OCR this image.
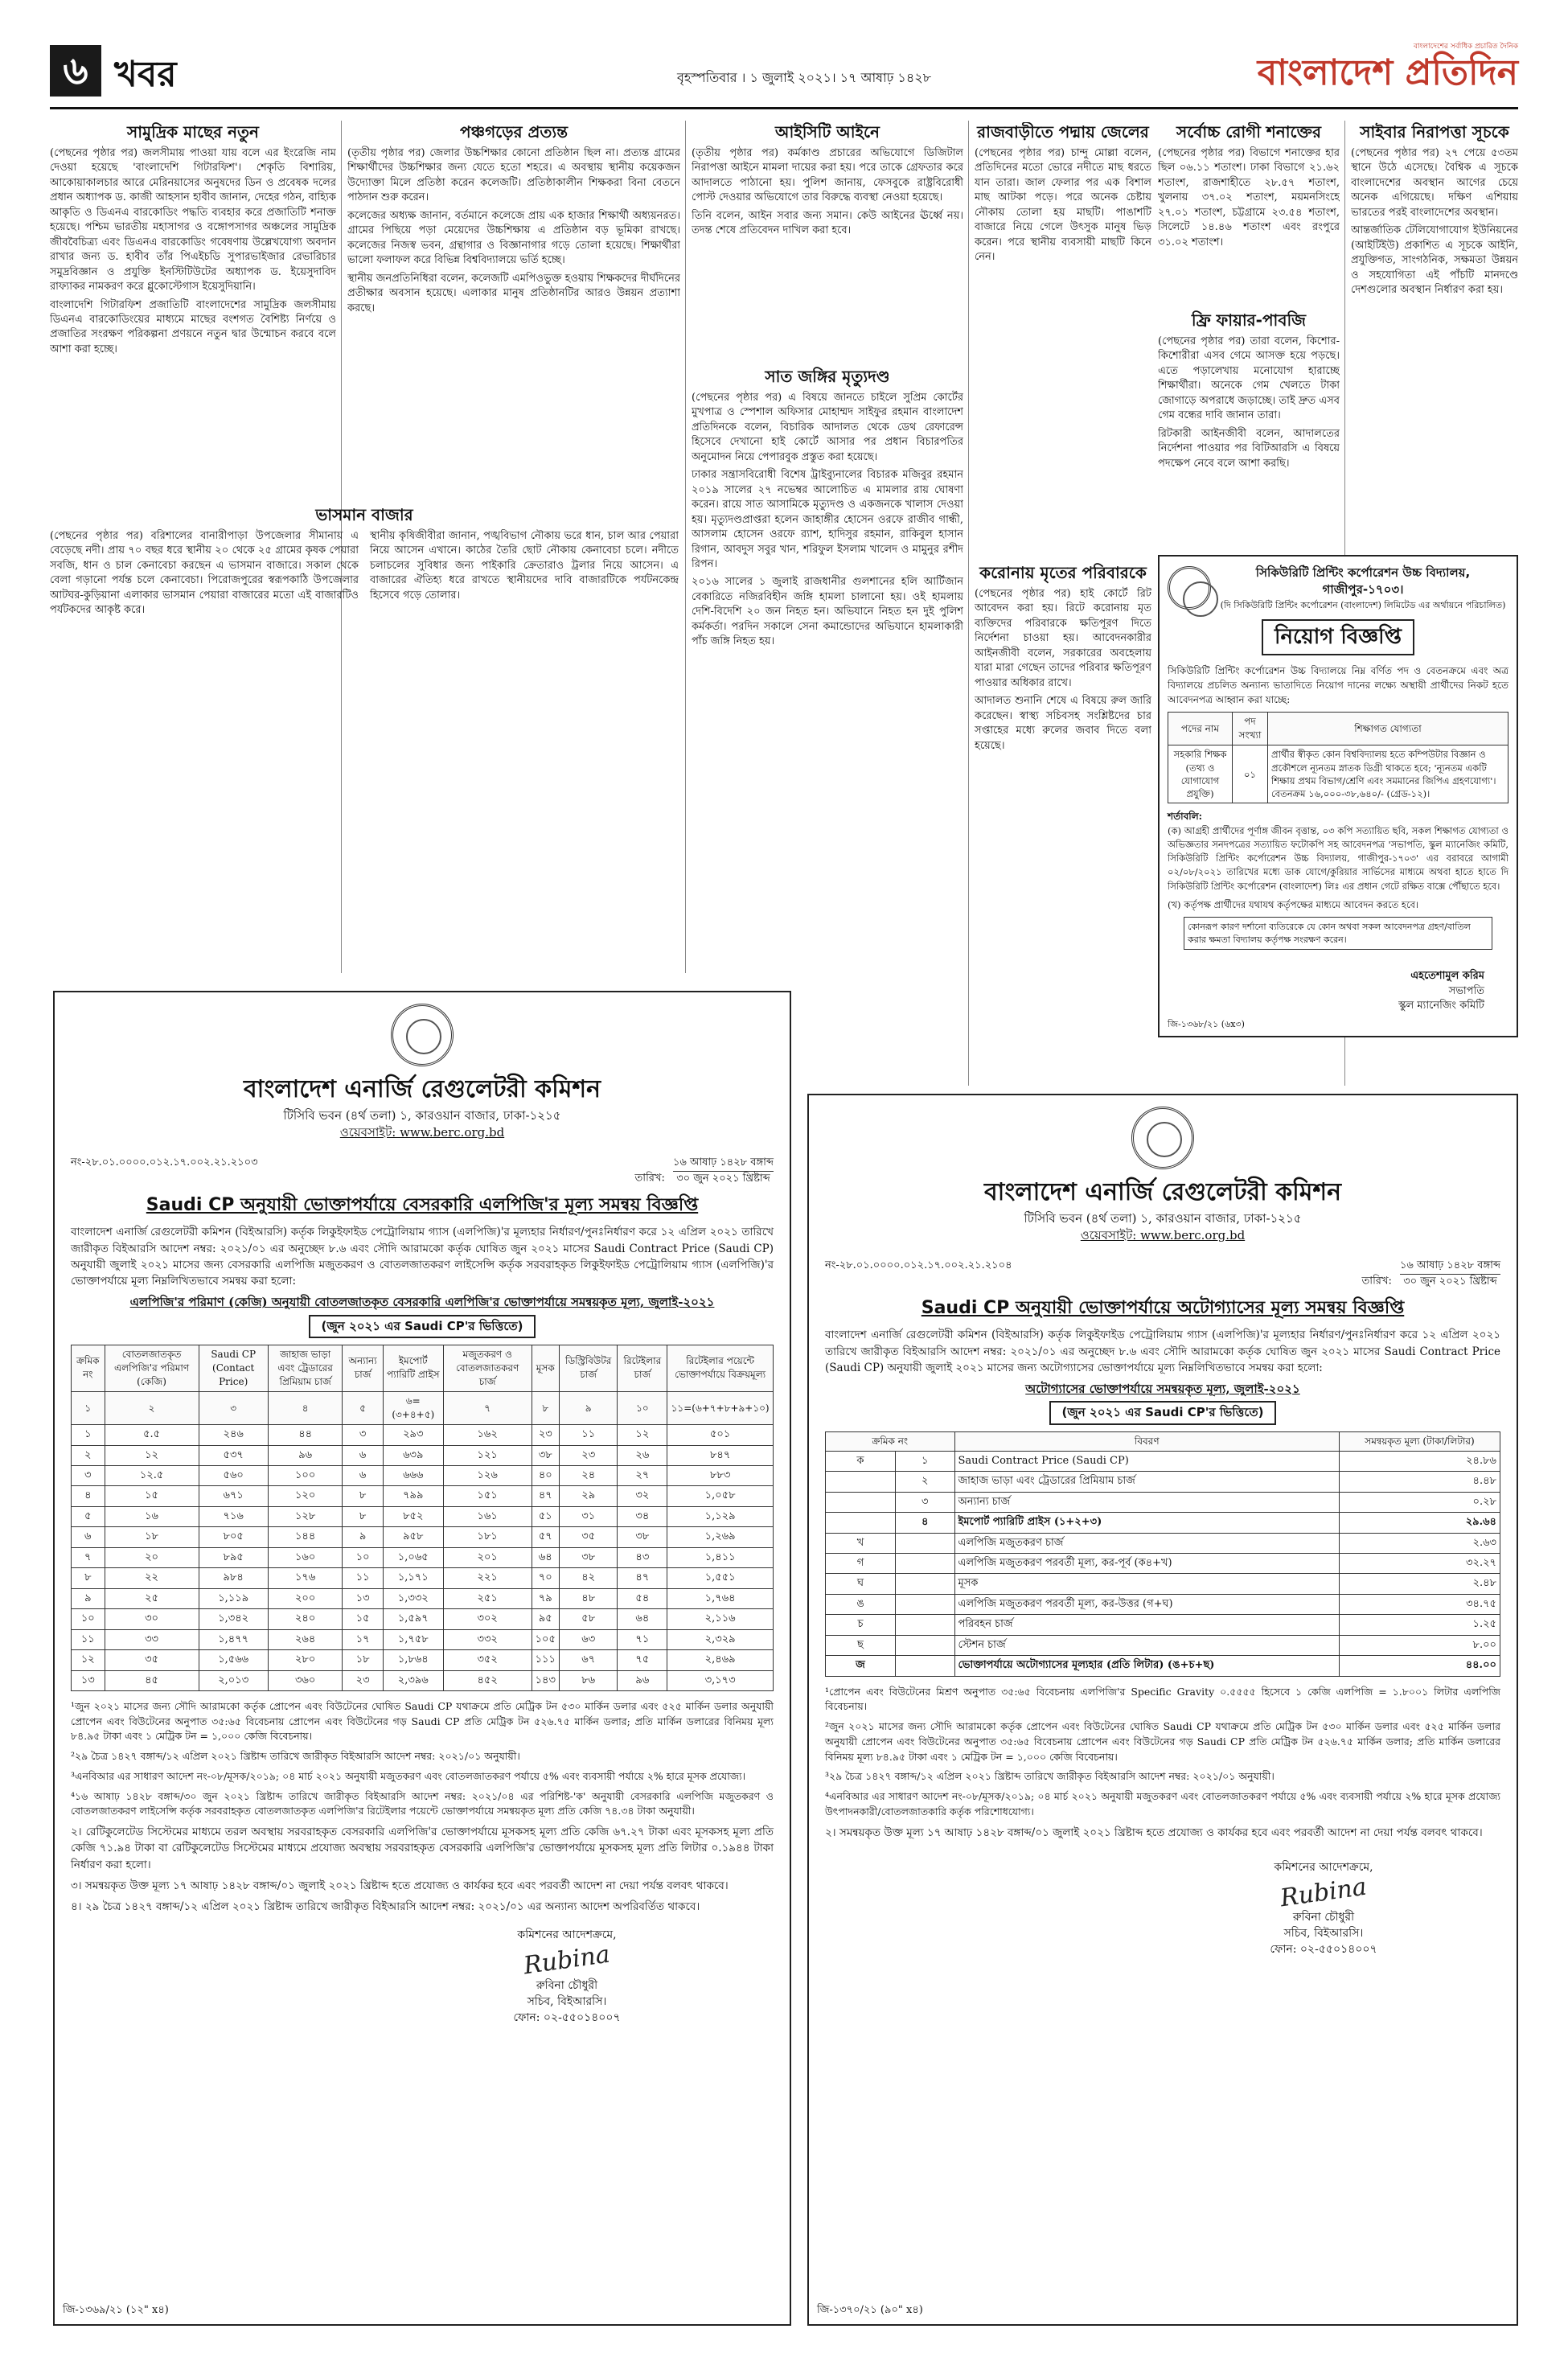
৬ খবর	বৃহস্পতিবার । ১ জুলাই ২০২১। ১৭ আষাঢ় ১৪২৮
বাংলাদেশের সর্বাধিক প্রচারিত দৈনিক
বাংলাদেশ প্রতিদিন
সামুদ্রিক মাছের নতুন

(পেছনের পৃষ্ঠার পর) জলসীমায় পাওয়া যায় বলে এর ইংরেজি নাম দেওয়া হয়েছে 'বাংলাদেশি গিটারফিশ'। শেকৃতি বিশারিয়, আকোয়াকালচার আরে মেরিনয়াসের অনুষদের ডিন ও প্রবেষক দলের প্রধান অধ্যাপক ড. কাজী আহসান হাবীব জানান, দেহের গঠন, বাহ্যিক আকৃতি ও ডিএনএ বারকোডিং পদ্ধতি ব্যবহার করে প্রজাতিটি শনাক্ত হয়েছে। পশ্চিম ভারতীয় মহাসাগর ও বঙ্গোপসাগর অঞ্চলের সামুদ্রিক জীববৈচিত্র্য এবং ডিএনএ বারকোডিং গবেষণায় উল্লেখযোগ্য অবদান রাখার জন্য ড. হাবীব তাঁর পিএইচডি সুপারভাইজার রেভারিচার সমুদ্রবিজ্ঞান ও প্রযুক্তি ইনস্টিটিউটের অধ্যাপক ড. ইয়েসুদাবিদ রাফ্যাকর নামকরণ করে গ্লুকোস্টেগাস ইয়েসুদিয়ানি।

বাংলাদেশি গিটারফিশ প্রজাতিটি বাংলাদেশের সামুদ্রিক জলসীমায় ডিএনএ বারকোডিংয়ের মাধ্যমে মাছের বংশগত বৈশিষ্ট্য নির্ণয়ে ও প্রজাতির সংরক্ষণ পরিকল্পনা প্রণয়নে নতুন দ্বার উন্মোচন করবে বলে আশা করা হচ্ছে।

ভাসমান বাজার

(পেছনের পৃষ্ঠার পর) বরিশালের বানারীপাড়া উপজেলার সীমানায় এ বেড়েছে নদী। প্রায় ৭০ বছর ধরে স্থানীয় ২০ থেকে ২৫ গ্রামের কৃষক পেয়ারা সবজি, ধান ও চাল কেনাবেচা করছেন এ ভাসমান বাজারে। সকাল থেকে বেলা গড়ানো পর্যন্ত চলে কেনাবেচা। পিরোজপুরের স্বরূপকাঠি উপজেলার আটঘর-কুড়িয়ানা এলাকার ভাসমান পেয়ারা বাজারের মতো এই বাজারটিও পর্যটকদের আকৃষ্ট করে।

স্থানীয় কৃষিজীবীরা জানান, পঙ্খবিভাগ নৌকায় ভরে ধান, চাল আর পেয়ারা নিয়ে আসেন এখানে। কাঠের তৈরি ছোট নৌকায় কেনাবেচা চলে। নদীতে চলাচলের সুবিধার জন্য পাইকারি ক্রেতারাও ট্রলার নিয়ে আসেন। এ বাজারের ঐতিহ্য ধরে রাখতে স্থানীয়দের দাবি বাজারটিকে পর্যটনকেন্দ্র হিসেবে গড়ে তোলার।

পঞ্চগড়ের প্রত্যন্ত

(তৃতীয় পৃষ্ঠার পর) জেলার উচ্চশিক্ষার কোনো প্রতিষ্ঠান ছিল না। প্রত্যন্ত গ্রামের শিক্ষার্থীদের উচ্চশিক্ষার জন্য যেতে হতো শহরে। এ অবস্থায় স্থানীয় কয়েকজন উদ্যোক্তা মিলে প্রতিষ্ঠা করেন কলেজটি। প্রতিষ্ঠাকালীন শিক্ষকরা বিনা বেতনে পাঠদান শুরু করেন।

কলেজের অধ্যক্ষ জানান, বর্তমানে কলেজে প্রায় এক হাজার শিক্ষার্থী অধ্যয়নরত। গ্রামের পিছিয়ে পড়া মেয়েদের উচ্চশিক্ষায় এ প্রতিষ্ঠান বড় ভূমিকা রাখছে। কলেজের নিজস্ব ভবন, গ্রন্থাগার ও বিজ্ঞানাগার গড়ে তোলা হয়েছে। শিক্ষার্থীরা ভালো ফলাফল করে বিভিন্ন বিশ্ববিদ্যালয়ে ভর্তি হচ্ছে।

স্থানীয় জনপ্রতিনিধিরা বলেন, কলেজটি এমপিওভুক্ত হওয়ায় শিক্ষকদের দীর্ঘদিনের প্রতীক্ষার অবসান হয়েছে। এলাকার মানুষ প্রতিষ্ঠানটির আরও উন্নয়ন প্রত্যাশা করছে।

সাত জঙ্গির মৃত্যুদণ্ড

(পেছনের পৃষ্ঠার পর) এ বিষয়ে জানতে চাইলে সুপ্রিম কোর্টের মুখপাত্র ও স্পেশাল অফিসার মোহাম্মদ সাইফুর রহমান বাংলাদেশ প্রতিদিনকে বলেন, বিচারিক আদালত থেকে ডেথ রেফারেন্স হিসেবে দেখানো হাই কোর্টে আসার পর প্রধান বিচারপতির অনুমোদন নিয়ে পেপারবুক প্রস্তুত করা হয়েছে।

ঢাকার সন্ত্রাসবিরোধী বিশেষ ট্রাইব্যুনালের বিচারক মজিবুর রহমান ২০১৯ সালের ২৭ নভেম্বর আলোচিত এ মামলার রায় ঘোষণা করেন। রায়ে সাত আসামিকে মৃত্যুদণ্ড ও একজনকে খালাস দেওয়া হয়। মৃত্যুদণ্ডপ্রাপ্তরা হলেন জাহাঙ্গীর হোসেন ওরফে রাজীব গান্ধী, আসলাম হোসেন ওরফে র‍্যাশ, হাদিসুর রহমান, রাকিবুল হাসান রিগান, আবদুস সবুর খান, শরিফুল ইসলাম খালেদ ও মামুনুর রশীদ রিপন।

২০১৬ সালের ১ জুলাই রাজধানীর গুলশানের হলি আর্টিজান বেকারিতে নজিরবিহীন জঙ্গি হামলা চালানো হয়। ওই হামলায় দেশি-বিদেশি ২০ জন নিহত হন। অভিযানে নিহত হন দুই পুলিশ কর্মকর্তা। পরদিন সকালে সেনা কমান্ডোদের অভিযানে হামলাকারী পাঁচ জঙ্গি নিহত হয়।

আইসিটি আইনে

(তৃতীয় পৃষ্ঠার পর) কর্মকাণ্ড প্রচারের অভিযোগে ডিজিটাল নিরাপত্তা আইনে মামলা দায়ের করা হয়। পরে তাকে গ্রেফতার করে আদালতে পাঠানো হয়। পুলিশ জানায়, ফেসবুকে রাষ্ট্রবিরোধী পোস্ট দেওয়ার অভিযোগে তার বিরুদ্ধে ব্যবস্থা নেওয়া হয়েছে।

তিনি বলেন, আইন সবার জন্য সমান। কেউ আইনের ঊর্ধ্বে নয়। তদন্ত শেষে প্রতিবেদন দাখিল করা হবে।

রাজবাড়ীতে পদ্মায় জেলের

(পেছনের পৃষ্ঠার পর) চান্দু মোল্লা বলেন, প্রতিদিনের মতো ভোরে নদীতে মাছ ধরতে যান তারা। জাল ফেলার পর এক বিশাল মাছ আটকা পড়ে। পরে অনেক চেষ্টায় নৌকায় তোলা হয় মাছটি। পাঙাশটি বাজারে নিয়ে গেলে উৎসুক মানুষ ভিড় করেন। পরে স্থানীয় ব্যবসায়ী মাছটি কিনে নেন।

করোনায় মৃতের পরিবারকে

(পেছনের পৃষ্ঠার পর) হাই কোর্টে রিট আবেদন করা হয়। রিটে করোনায় মৃত ব্যক্তিদের পরিবারকে ক্ষতিপূরণ দিতে নির্দেশনা চাওয়া হয়। আবেদনকারীর আইনজীবী বলেন, সরকারের অবহেলায় যারা মারা গেছেন তাদের পরিবার ক্ষতিপূরণ পাওয়ার অধিকার রাখে।

আদালত শুনানি শেষে এ বিষয়ে রুল জারি করেছেন। স্বাস্থ্য সচিবসহ সংশ্লিষ্টদের চার সপ্তাহের মধ্যে রুলের জবাব দিতে বলা হয়েছে।

সর্বোচ্চ রোগী শনাক্তের

(পেছনের পৃষ্ঠার পর) বিভাগে শনাক্তের হার ছিল ০৬.১১ শতাংশ। ঢাকা বিভাগে ২১.৬২ শতাংশ, রাজশাহীতে ২৮.৫৭ শতাংশ, খুলনায় ৩৭.০২ শতাংশ, ময়মনসিংহে ২৭.০১ শতাংশ, চট্টগ্রামে ২৩.৫৪ শতাংশ, সিলেটে ১৪.৪৬ শতাংশ এবং রংপুরে ৩১.০২ শতাংশ।

ফ্রি ফায়ার-পাবজি

(পেছনের পৃষ্ঠার পর) তারা বলেন, কিশোর-কিশোরীরা এসব গেমে আসক্ত হয়ে পড়ছে। এতে পড়ালেখায় মনোযোগ হারাচ্ছে শিক্ষার্থীরা। অনেকে গেম খেলতে টাকা জোগাড়ে অপরাধে জড়াচ্ছে। তাই দ্রুত এসব গেম বন্ধের দাবি জানান তারা।

রিটকারী আইনজীবী বলেন, আদালতের নির্দেশনা পাওয়ার পর বিটিআরসি এ বিষয়ে পদক্ষেপ নেবে বলে আশা করছি।

সাইবার নিরাপত্তা সূচকে

(পেছনের পৃষ্ঠার পর) ২৭ পেয়ে ৫৩তম স্থানে উঠে এসেছে। বৈশ্বিক এ সূচকে বাংলাদেশের অবস্থান আগের চেয়ে অনেক এগিয়েছে। দক্ষিণ এশিয়ায় ভারতের পরই বাংলাদেশের অবস্থান।

আন্তর্জাতিক টেলিযোগাযোগ ইউনিয়নের (আইটিইউ) প্রকাশিত এ সূচকে আইনি, প্রযুক্তিগত, সাংগঠনিক, সক্ষমতা উন্নয়ন ও সহযোগিতা এই পাঁচটি মানদণ্ডে দেশগুলোর অবস্থান নির্ধারণ করা হয়।

সিকিউরিটি প্রিন্টিং কর্পোরেশন উচ্চ বিদ্যালয়, গাজীপুর-১৭০৩।
(দি সিকিউরিটি প্রিন্টিং কর্পোরেশন (বাংলাদেশ) লিমিটেড এর অর্থায়নে পরিচালিত)
নিয়োগ বিজ্ঞপ্তি

সিকিউরিটি প্রিন্টিং কর্পোরেশন উচ্চ বিদ্যালয়ে নিম্ন বর্ণিত পদ ও বেতনক্রমে এবং অত্র বিদ্যালয়ে প্রচলিত অন্যান্য ভাতাদিতে নিয়োগ দানের লক্ষ্যে অস্থায়ী প্রার্থীদের নিকট হতে আবেদনপত্র আহ্বান করা যাচ্ছে:

পদের নাম	পদ সংখ্যা	শিক্ষাগত যোগ্যতা
সহকারি শিক্ষক (তথ্য ও যোগাযোগ প্রযুক্তি)	০১	প্রার্থীর স্বীকৃত কোন বিশ্ববিদ্যালয় হতে কম্পিউটার বিজ্ঞান ও প্রকৌশলে ন্যূনতম স্নাতক ডিগ্রী থাকতে হবে; 'ন্যূনতম একটি শিক্ষায় প্রথম বিভাগ/শ্রেণি এবং সমমানের জিপিএ গ্রহণযোগ্য'। বেতনক্রম ১৬,০০০-৩৮,৬৪০/- (গ্রেড-১২)।
শর্তাবলি:

(ক) আগ্রহী প্রার্থীদের পূর্ণাঙ্গ জীবন বৃত্তান্ত, ০৩ কপি সত্যায়িত ছবি, সকল শিক্ষাগত যোগ্যতা ও অভিজ্ঞতার সনদপত্রের সত্যায়িত ফটোকপি সহ আবেদনপত্র 'সভাপতি, স্কুল ম্যানেজিং কমিটি, সিকিউরিটি প্রিন্টিং কর্পোরেশন উচ্চ বিদ্যালয়, গাজীপুর-১৭০৩' এর বরাবরে আগামী ০২/০৮/২০২১ তারিখের মধ্যে ডাক যোগে/কুরিয়ার সার্ভিসের মাধ্যমে অথবা হাতে হাতে দি সিকিউরিটি প্রিন্টিং কর্পোরেশন (বাংলাদেশ) লিঃ এর প্রধান গেটে রক্ষিত বাক্সে পৌঁছাতে হবে।

(খ) কর্তৃপক্ষ প্রার্থীদের যথাযথ কর্তৃপক্ষের মাধ্যমে আবেদন করতে হবে।

কোনরূপ কারণ দর্শানো ব্যতিরেকে যে কোন অথবা সকল আবেদনপত্র গ্রহণ/বাতিল করার ক্ষমতা বিদ্যালয় কর্তৃপক্ষ সংরক্ষণ করেন।
এহতেশামুল করিম
সভাপতি
স্কুল ম্যানেজিং কমিটি
জি-১৩৬৮/২১ (৬x৩)
বাংলাদেশ এনার্জি রেগুলেটরী কমিশন
টিসিবি ভবন (৪র্থ তলা) ১, কারওয়ান বাজার, ঢাকা-১২১৫
ওয়েবসাইট: www.berc.org.bd
নং-২৮.০১.০০০০.০১২.১৭.০০২.২১.২১০৩
তারিখ:
১৬ আষাঢ় ১৪২৮ বঙ্গাব্দ
৩০ জুন ২০২১ খ্রিষ্টাব্দ
Saudi CP অনুযায়ী ভোক্তাপর্যায়ে বেসরকারি এলপিজি'র মূল্য সমন্বয় বিজ্ঞপ্তি

বাংলাদেশ এনার্জি রেগুলেটরী কমিশন (বিইআরসি) কর্তৃক লিকুইফাইড পেট্রোলিয়াম গ্যাস (এলপিজি)'র মূল্যহার নির্ধারণ/পুনঃনির্ধারণ করে ১২ এপ্রিল ২০২১ তারিখে জারীকৃত বিইআরসি আদেশ নম্বর: ২০২১/০১ এর অনুচ্ছেদ ৮.৬ এবং সৌদি আরামকো কর্তৃক ঘোষিত জুন ২০২১ মাসের Saudi Contract Price (Saudi CP) অনুযায়ী জুলাই ২০২১ মাসের জন্য বেসরকারি এলপিজি মজুতকরণ ও বোতলজাতকরণ লাইসেন্সি কর্তৃক সরবরাহকৃত লিকুইফাইড পেট্রোলিয়াম গ্যাস (এলপিজি)'র ভোক্তাপর্যায়ে মূল্য নিম্নলিখিতভাবে সমন্বয় করা হলো:

এলপিজি'র পরিমাণ (কেজি) অনুযায়ী বোতলজাতকৃত বেসরকারি এলপিজি'র ভোক্তাপর্যায়ে সমন্বয়কৃত মূল্য, জুলাই-২০২১
(জুন ২০২১ এর Saudi CP'র ভিত্তিতে)
ক্রমিক নং	বোতলজাতকৃত এলপিজি'র পরিমাণ (কেজি)	Saudi CP (Contact Price)	জাহাজ ভাড়া এবং ট্রেডারের প্রিমিয়াম চার্জ	অন্যান্য চার্জ	ইমপোর্ট প্যারিটি প্রাইস	মজুতকরণ ও বোতলজাতকরণ চার্জ	মূসক	ডিস্ট্রিবিউটর চার্জ	রিটেইলার চার্জ	রিটেইলার পয়েন্টে ভোক্তাপর্যায়ে বিক্রয়মূল্য
১	২	৩	৪	৫	৬=(৩+৪+৫)	৭	৮	৯	১০	১১=(৬+৭+৮+৯+১০)
১	৫.৫	২৪৬	৪৪	৩	২৯৩	১৬২	২৩	১১	১২	৫০১
২	১২	৫৩৭	৯৬	৬	৬৩৯	১২১	৩৮	২৩	২৬	৮৪৭
৩	১২.৫	৫৬০	১০০	৬	৬৬৬	১২৬	৪০	২৪	২৭	৮৮৩
৪	১৫	৬৭১	১২০	৮	৭৯৯	১৫১	৪৭	২৯	৩২	১,০৫৮
৫	১৬	৭১৬	১২৮	৮	৮৫২	১৬১	৫১	৩১	৩৪	১,১২৯
৬	১৮	৮০৫	১৪৪	৯	৯৫৮	১৮১	৫৭	৩৫	৩৮	১,২৬৯
৭	২০	৮৯৫	১৬০	১০	১,০৬৫	২০১	৬৪	৩৮	৪৩	১,৪১১
৮	২২	৯৮৪	১৭৬	১১	১,১৭১	২২১	৭০	৪২	৪৭	১,৫৫১
৯	২৫	১,১১৯	২০০	১৩	১,৩৩২	২৫১	৭৯	৪৮	৫৪	১,৭৬৪
১০	৩০	১,৩৪২	২৪০	১৫	১,৫৯৭	৩০২	৯৫	৫৮	৬৪	২,১১৬
১১	৩৩	১,৪৭৭	২৬৪	১৭	১,৭৫৮	৩৩২	১০৫	৬৩	৭১	২,৩২৯
১২	৩৫	১,৫৬৬	২৮০	১৮	১,৮৬৪	৩৫২	১১১	৬৭	৭৫	২,৪৬৯
১৩	৪৫	২,০১৩	৩৬০	২৩	২,৩৯৬	৪৫২	১৪৩	৮৬	৯৬	৩,১৭৩

¹জুন ২০২১ মাসের জন্য সৌদি আরামকো কর্তৃক প্রোপেন এবং বিউটেনের ঘোষিত Saudi CP যথাক্রমে প্রতি মেট্রিক টন ৫৩০ মার্কিন ডলার এবং ৫২৫ মার্কিন ডলার অনুযায়ী প্রোপেন এবং বিউটেনের অনুপাত ৩৫:৬৫ বিবেচনায় প্রোপেন এবং বিউটেনের গড় Saudi CP প্রতি মেট্রিক টন ৫২৬.৭৫ মার্কিন ডলার; প্রতি মার্কিন ডলারের বিনিময় মূল্য ৮৪.৯৫ টাকা এবং ১ মেট্রিক টন = ১,০০০ কেজি বিবেচনায়।

²২৯ চৈত্র ১৪২৭ বঙ্গাব্দ/১২ এপ্রিল ২০২১ খ্রিষ্টাব্দ তারিখে জারীকৃত বিইআরসি আদেশ নম্বর: ২০২১/০১ অনুযায়ী।

³এনবিআর এর সাধারণ আদেশ নং-০৮/মূসক/২০১৯; ০৪ মার্চ ২০২১ অনুযায়ী মজুতকরণ এবং বোতলজাতকরণ পর্যায়ে ৫% এবং ব্যবসায়ী পর্যায়ে ২% হারে মূসক প্রযোজ্য।

⁴১৬ আষাঢ় ১৪২৮ বঙ্গাব্দ/৩০ জুন ২০২১ খ্রিষ্টাব্দ তারিখে জারীকৃত বিইআরসি আদেশ নম্বর: ২০২১/০৪ এর পরিশিষ্ট-'ক' অনুযায়ী বেসরকারি এলপিজি মজুতকরণ ও বোতলজাতকরণ লাইসেন্সি কর্তৃক সরবরাহকৃত বোতলজাতকৃত এলপিজি'র রিটেইলার পয়েন্টে ভোক্তাপর্যায়ে সমন্বয়কৃত মূল্য প্রতি কেজি ৭৪.৩৪ টাকা অনুযায়ী।

২। রেটিকুলেটেড সিস্টেমের মাধ্যমে তরল অবস্থায় সরবরাহকৃত বেসরকারি এলপিজি'র ভোক্তাপর্যায়ে মূসকসহ মূল্য প্রতি কেজি ৬৭.২৭ টাকা এবং মূসকসহ মূল্য প্রতি কেজি ৭১.৯৪ টাকা বা রেটিকুলেটেড সিস্টেমের মাধ্যমে প্রযোজ্য অবস্থায় সরবরাহকৃত বেসরকারি এলপিজি'র ভোক্তাপর্যায়ে মূসকসহ মূল্য প্রতি লিটার ০.১৯৪৪ টাকা নির্ধারণ করা হলো।

৩। সমন্বয়কৃত উক্ত মূল্য ১৭ আষাঢ় ১৪২৮ বঙ্গাব্দ/০১ জুলাই ২০২১ খ্রিষ্টাব্দ হতে প্রযোজ্য ও কার্যকর হবে এবং পরবর্তী আদেশ না দেয়া পর্যন্ত বলবৎ থাকবে।

৪। ২৯ চৈত্র ১৪২৭ বঙ্গাব্দ/১২ এপ্রিল ২০২১ খ্রিষ্টাব্দ তারিখে জারীকৃত বিইআরসি আদেশ নম্বর: ২০২১/০১ এর অন্যান্য আদেশ অপরিবর্তিত থাকবে।

কমিশনের আদেশক্রমে,
Rubina
রুবিনা চৌধুরী
সচিব, বিইআরসি।
ফোন: ০২-৫৫০১৪০০৭
জি-১৩৬৯/২১ (১২" x৪)
বাংলাদেশ এনার্জি রেগুলেটরী কমিশন
টিসিবি ভবন (৪র্থ তলা) ১, কারওয়ান বাজার, ঢাকা-১২১৫
ওয়েবসাইট: www.berc.org.bd
নং-২৮.০১.০০০০.০১২.১৭.০০২.২১.২১০৪
তারিখ:
১৬ আষাঢ় ১৪২৮ বঙ্গাব্দ
৩০ জুন ২০২১ খ্রিষ্টাব্দ
Saudi CP অনুযায়ী ভোক্তাপর্যায়ে অটোগ্যাসের মূল্য সমন্বয় বিজ্ঞপ্তি

বাংলাদেশ এনার্জি রেগুলেটরী কমিশন (বিইআরসি) কর্তৃক লিকুইফাইড পেট্রোলিয়াম গ্যাস (এলপিজি)'র মূল্যহার নির্ধারণ/পুনঃনির্ধারণ করে ১২ এপ্রিল ২০২১ তারিখে জারীকৃত বিইআরসি আদেশ নম্বর: ২০২১/০১ এর অনুচ্ছেদ ৮.৬ এবং সৌদি আরামকো কর্তৃক ঘোষিত জুন ২০২১ মাসের Saudi Contract Price (Saudi CP) অনুযায়ী জুলাই ২০২১ মাসের জন্য অটোগ্যাসের ভোক্তাপর্যায়ে মূল্য নিম্নলিখিতভাবে সমন্বয় করা হলো:

অটোগ্যাসের ভোক্তাপর্যায়ে সমন্বয়কৃত মূল্য, জুলাই-২০২১
(জুন ২০২১ এর Saudi CP'র ভিত্তিতে)
ক্রমিক নং		বিবরণ	সমন্বয়কৃত মূল্য (টাকা/লিটার)
ক	১	Saudi Contract Price (Saudi CP)	২৪.৮৬
	২	জাহাজ ভাড়া এবং ট্রেডারের প্রিমিয়াম চার্জ	৪.৪৮
	৩	অন্যান্য চার্জ	০.২৮
	৪	ইমপোর্ট প্যারিটি প্রাইস (১+২+৩)	২৯.৬৪
খ		এলপিজি মজুতকরণ চার্জ	২.৬৩
গ		এলপিজি মজুতকরণ পরবর্তী মূল্য, কর-পূর্ব (ক৪+খ)	৩২.২৭
ঘ		মূসক	২.৪৮
ঙ		এলপিজি মজুতকরণ পরবর্তী মূল্য, কর-উত্তর (গ+ঘ)	৩৪.৭৫
চ		পরিবহন চার্জ	১.২৫
ছ		স্টেশন চার্জ	৮.০০
জ		ভোক্তাপর্যায়ে অটোগ্যাসের মূল্যহার (প্রতি লিটার) (ঙ+চ+ছ)	৪৪.০০

¹প্রোপেন এবং বিউটেনের মিশ্রণ অনুপাত ৩৫:৬৫ বিবেচনায় এলপিজি'র Specific Gravity ০.৫৫৫৫ হিসেবে ১ কেজি এলপিজি = ১.৮০০১ লিটার এলপিজি বিবেচনায়।

²জুন ২০২১ মাসের জন্য সৌদি আরামকো কর্তৃক প্রোপেন এবং বিউটেনের ঘোষিত Saudi CP যথাক্রমে প্রতি মেট্রিক টন ৫৩০ মার্কিন ডলার এবং ৫২৫ মার্কিন ডলার অনুযায়ী প্রোপেন এবং বিউটেনের অনুপাত ৩৫:৬৫ বিবেচনায় প্রোপেন এবং বিউটেনের গড় Saudi CP প্রতি মেট্রিক টন ৫২৬.৭৫ মার্কিন ডলার; প্রতি মার্কিন ডলারের বিনিময় মূল্য ৮৪.৯৫ টাকা এবং ১ মেট্রিক টন = ১,০০০ কেজি বিবেচনায়।

³২৯ চৈত্র ১৪২৭ বঙ্গাব্দ/১২ এপ্রিল ২০২১ খ্রিষ্টাব্দ তারিখে জারীকৃত বিইআরসি আদেশ নম্বর: ২০২১/০১ অনুযায়ী।

⁴এনবিআর এর সাধারণ আদেশ নং-০৮/মূসক/২০১৯; ০৪ মার্চ ২০২১ অনুযায়ী মজুতকরণ এবং বোতলজাতকরণ পর্যায়ে ৫% এবং ব্যবসায়ী পর্যায়ে ২% হারে মূসক প্রযোজ্য উৎপাদনকারী/বোতলজাতকারি কর্তৃক পরিশোধযোগ্য।

২। সমন্বয়কৃত উক্ত মূল্য ১৭ আষাঢ় ১৪২৮ বঙ্গাব্দ/০১ জুলাই ২০২১ খ্রিষ্টাব্দ হতে প্রযোজ্য ও কার্যকর হবে এবং পরবর্তী আদেশ না দেয়া পর্যন্ত বলবৎ থাকবে।

কমিশনের আদেশক্রমে,
Rubina
রুবিনা চৌধুরী
সচিব, বিইআরসি।
ফোন: ০২-৫৫০১৪০০৭
জি-১৩৭০/২১ (৯০" x৪)
